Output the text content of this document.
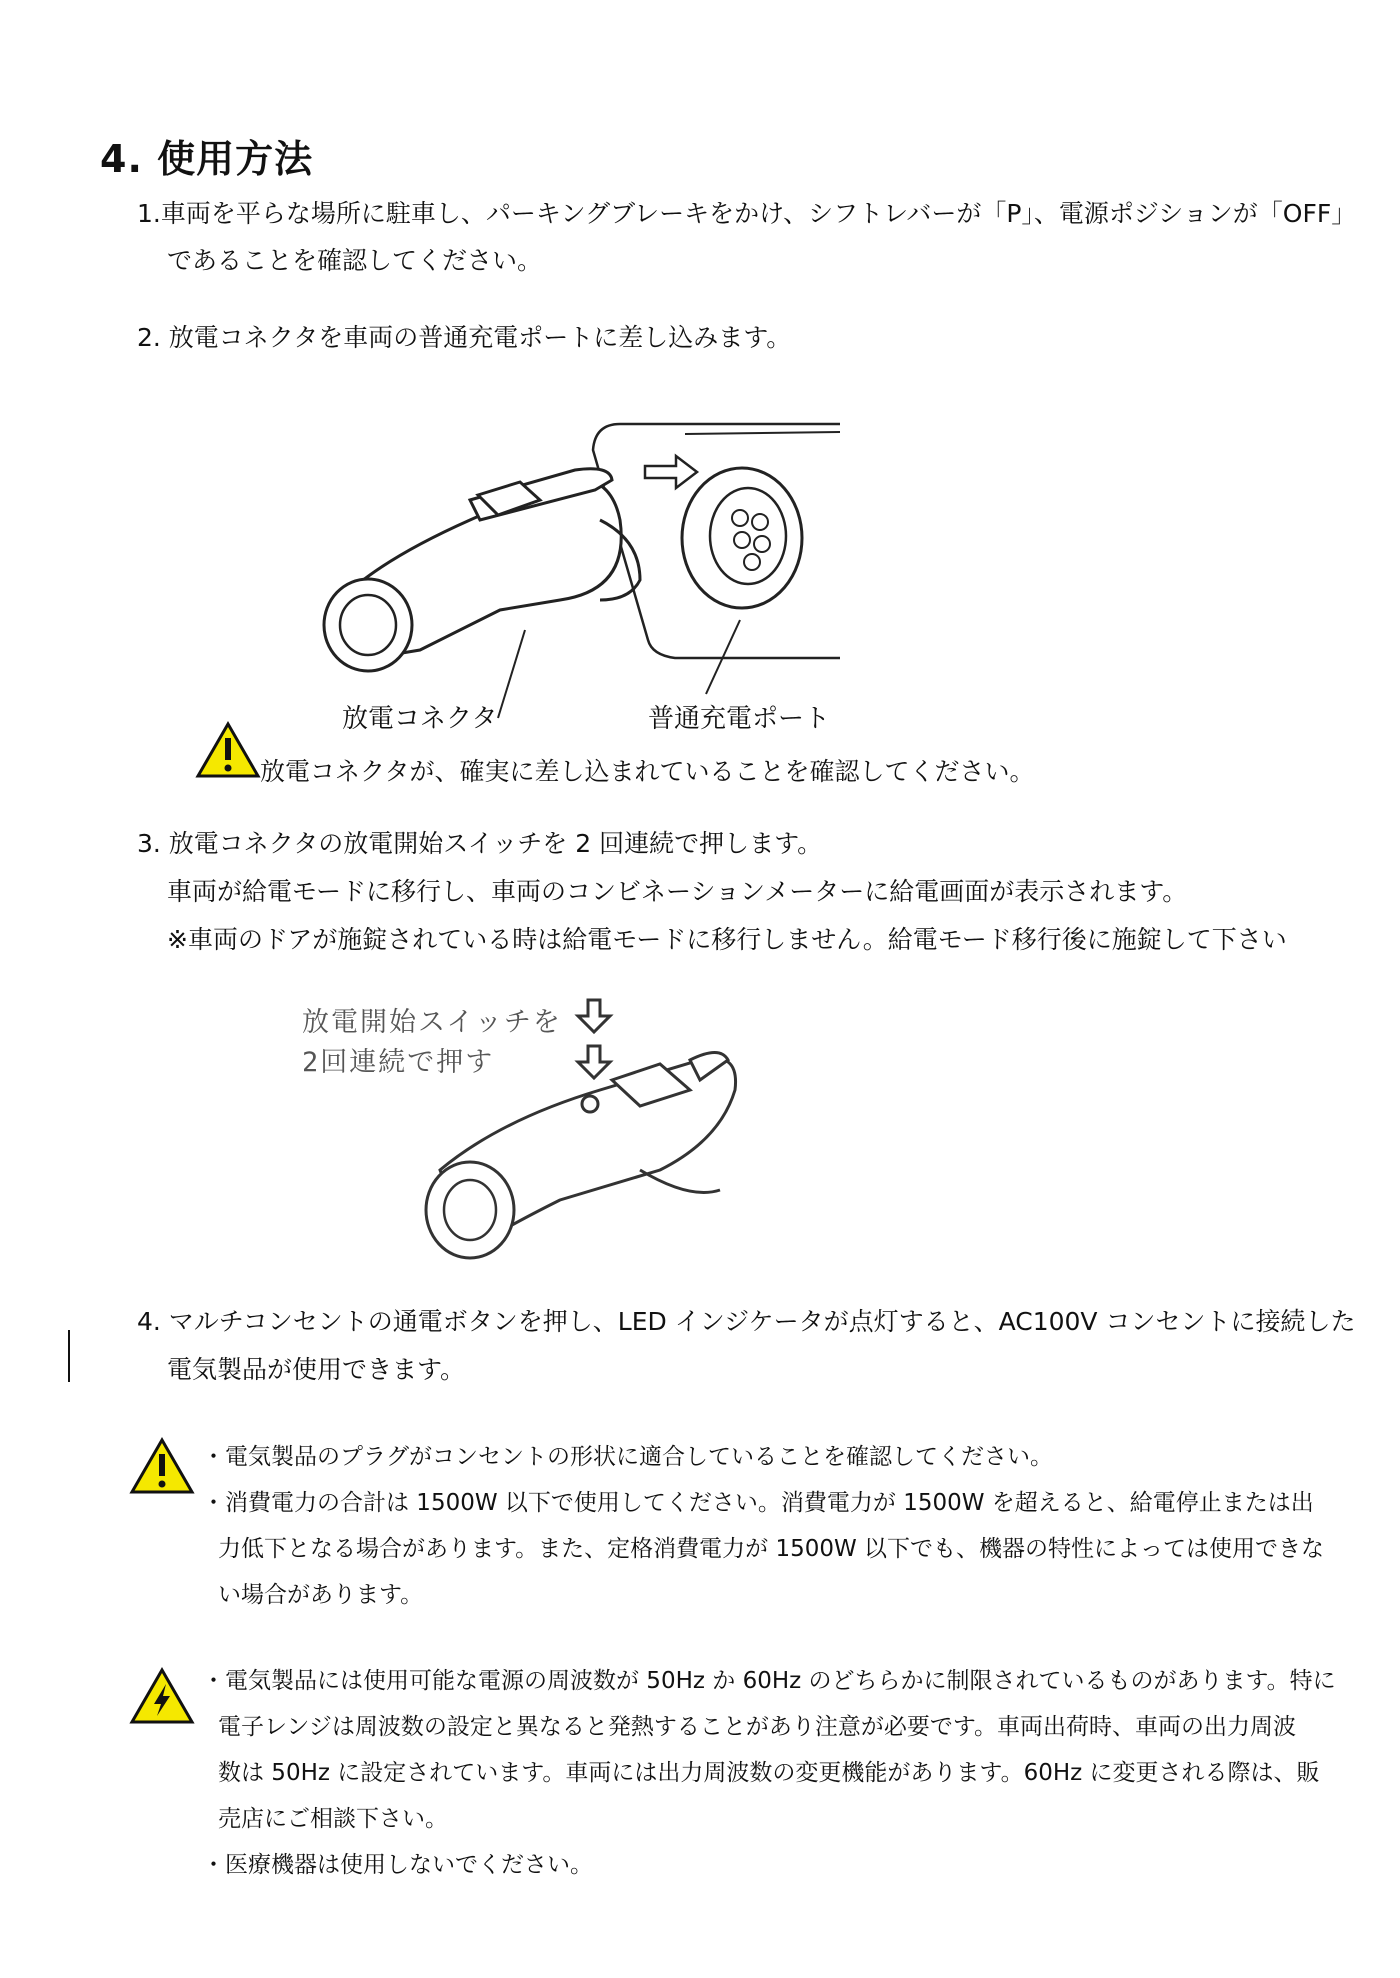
4. 使用方法
1.車両を平らな場所に駐車し、パーキングブレーキをかけ、シフトレバーが「P」、電源ポジションが「OFF」
であることを確認してください。
2. 放電コネクタを車両の普通充電ポートに差し込みます。
放電コネクタ	普通充電ポート
放電コネクタが、確実に差し込まれていることを確認してください。
3. 放電コネクタの放電開始スイッチを 2 回連続で押します。
車両が給電モードに移行し、車両のコンビネーションメーターに給電画面が表示されます。
※車両のドアが施錠されている時は給電モードに移行しません。給電モード移行後に施錠して下さい
放電開始スイッチを
2回連続で押す
4. マルチコンセントの通電ボタンを押し、LED インジケータが点灯すると、AC100V コンセントに接続した
電気製品が使用できます。
・電気製品のプラグがコンセントの形状に適合していることを確認してください。
・消費電力の合計は 1500W 以下で使用してください。消費電力が 1500W を超えると、給電停止または出
力低下となる場合があります。また、定格消費電力が 1500W 以下でも、機器の特性によっては使用できな
い場合があります。
・電気製品には使用可能な電源の周波数が 50Hz か 60Hz のどちらかに制限されているものがあります。特に
電子レンジは周波数の設定と異なると発熱することがあり注意が必要です。車両出荷時、車両の出力周波
数は 50Hz に設定されています。車両には出力周波数の変更機能があります。60Hz に変更される際は、販
売店にご相談下さい。
・医療機器は使用しないでください。
